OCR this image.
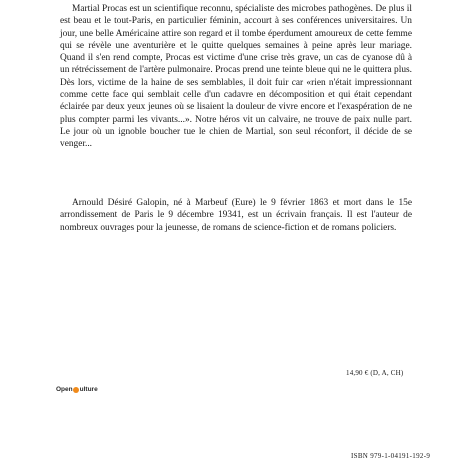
Martial Procas est un scientifique reconnu, spécialiste des microbes pathogènes. De plus il est beau et le tout-Paris, en particulier féminin, accourt à ses conférences universitaires. Un jour, une belle Américaine attire son regard et il tombe éperdument amoureux de cette femme qui se révèle une aventurière et le quitte quelques semaines à peine après leur mariage. Quand il s'en rend compte, Procas est victime d'une crise très grave, un cas de cyanose dû à un rétrécissement de l'artère pulmonaire. Procas prend une teinte bleue qui ne le quittera plus. Dès lors, victime de la haine de ses semblables, il doit fuir car «rien n'était impressionnant comme cette face qui semblait celle d'un cadavre en décomposition et qui était cependant éclairée par deux yeux jeunes où se lisaient la douleur de vivre encore et l'exaspération de ne plus compter parmi les vivants...». Notre héros vit un calvaire, ne trouve de paix nulle part. Le jour où un ignoble boucher tue le chien de Martial, son seul réconfort, il décide de se venger...
Arnould Désiré Galopin, né à Marbeuf (Eure) le 9 février 1863 et mort dans le 15e arrondissement de Paris le 9 décembre 19341, est un écrivain français. Il est l'auteur de nombreux ouvrages pour la jeunesse, de romans de science-fiction et de romans policiers.
14,90 € (D, A, CH)
Open ulture
ISBN 979-1-04191-192-9
